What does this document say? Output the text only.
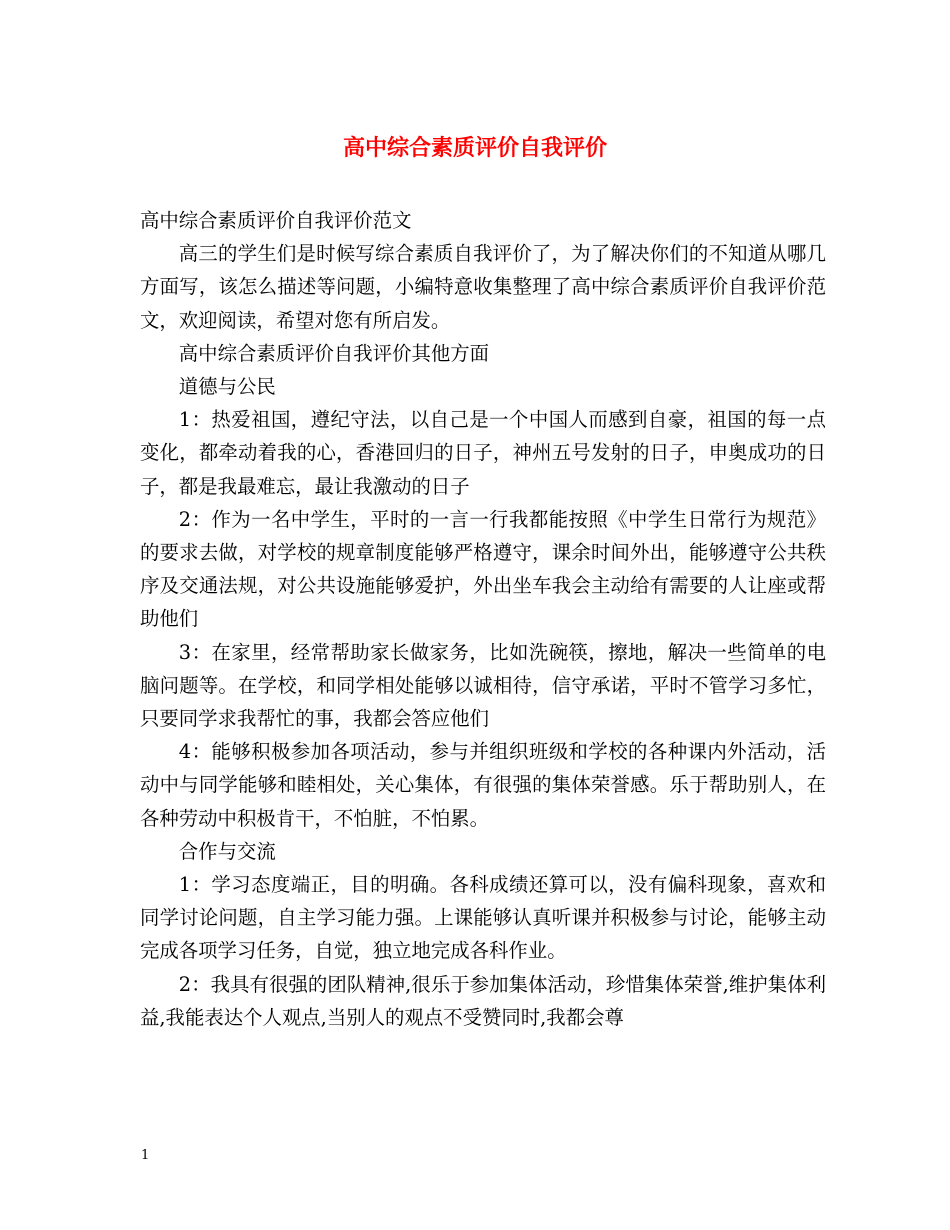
高中综合素质评价自我评价

高中综合素质评价自我评价范文

高三的学生们是时候写综合素质自我评价了，为了解决你们的不知道从哪几方面写，该怎么描述等问题，小编特意收集整理了高中综合素质评价自我评价范文，欢迎阅读，希望对您有所启发。

高中综合素质评价自我评价其他方面

道德与公民

1：热爱祖国，遵纪守法，以自己是一个中国人而感到自豪，祖国的每一点变化，都牵动着我的心，香港回归的日子，神州五号发射的日子，申奥成功的日子，都是我最难忘，最让我激动的日子

2：作为一名中学生，平时的一言一行我都能按照《中学生日常行为规范》的要求去做，对学校的规章制度能够严格遵守，课余时间外出，能够遵守公共秩序及交通法规，对公共设施能够爱护，外出坐车我会主动给有需要的人让座或帮助他们

3：在家里，经常帮助家长做家务，比如洗碗筷，擦地，解决一些简单的电脑问题等。在学校，和同学相处能够以诚相待，信守承诺，平时不管学习多忙，只要同学求我帮忙的事，我都会答应他们

4：能够积极参加各项活动，参与并组织班级和学校的各种课内外活动，活动中与同学能够和睦相处，关心集体，有很强的集体荣誉感。乐于帮助别人，在各种劳动中积极肯干，不怕脏，不怕累。

合作与交流

1：学习态度端正，目的明确。各科成绩还算可以，没有偏科现象，喜欢和同学讨论问题，自主学习能力强。上课能够认真听课并积极参与讨论，能够主动完成各项学习任务，自觉，独立地完成各科作业。

2：我具有很强的团队精神,很乐于参加集体活动，珍惜集体荣誉,维护集体利益,我能表达个人观点,当别人的观点不受赞同时,我都会尊

1
